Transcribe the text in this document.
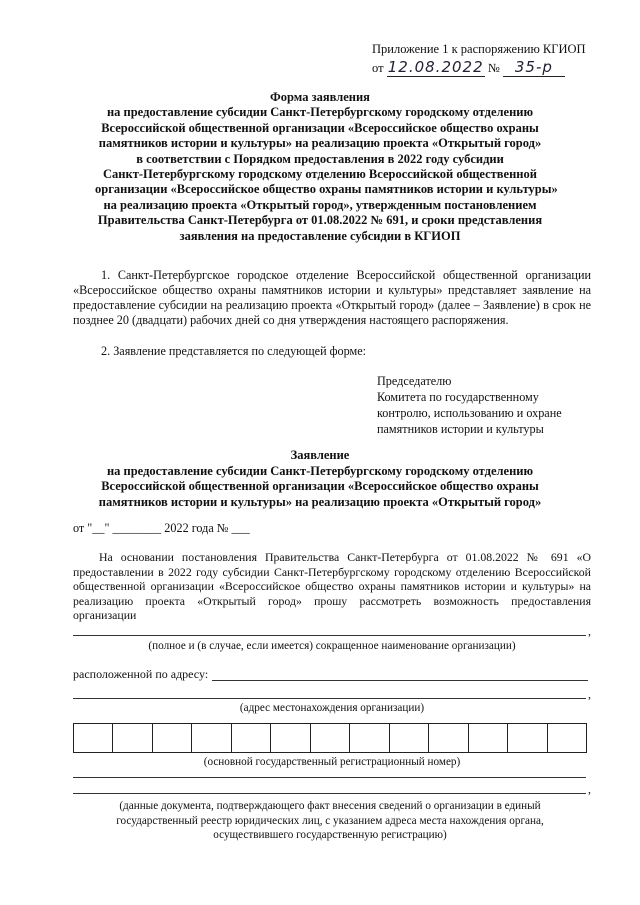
Приложение 1 к распоряжению КГИОП
от 12.08.2022 № 35-р
Форма заявления
на предоставление субсидии Санкт-Петербургскому городскому отделению
Всероссийской общественной организации «Всероссийское общество охраны
памятников истории и культуры» на реализацию проекта «Открытый город»
в соответствии с Порядком предоставления в 2022 году субсидии
Санкт-Петербургскому городскому отделению Всероссийской общественной
организации «Всероссийское общество охраны памятников истории и культуры»
на реализацию проекта «Открытый город», утвержденным постановлением
Правительства Санкт-Петербурга от 01.08.2022 № 691, и сроки представления
заявления на предоставление субсидии в КГИОП
1. Санкт-Петербургское городское отделение Всероссийской общественной организации «Всероссийское общество охраны памятников истории и культуры» представляет заявление на предоставление субсидии на реализацию проекта «Открытый город» (далее – Заявление) в срок не позднее 20 (двадцати) рабочих дней со дня утверждения настоящего распоряжения.
2. Заявление представляется по следующей форме:
Председателю
Комитета по государственному
контролю, использованию и охране
памятников истории и культуры
Заявление
на предоставление субсидии Санкт-Петербургскому городскому отделению
Всероссийской общественной организации «Всероссийское общество охраны
памятников истории и культуры» на реализацию проекта «Открытый город»
от "__" ________ 2022 года № ___
На основании постановления Правительства Санкт-Петербурга от 01.08.2022 № 691 «О предоставлении в 2022 году субсидии Санкт-Петербургскому городскому отделению Всероссийской общественной организации «Всероссийское общество охраны памятников истории и культуры» на реализацию проекта «Открытый город» прошу рассмотреть возможность предоставления организации
,
(полное и (в случае, если имеется) сокращенное наименование организации)
расположенной по адресу:
,
(адрес местонахождения организации)
(основной государственный регистрационный номер)
,
(данные документа, подтверждающего факт внесения сведений о организации в единый государственный реестр юридических лиц, с указанием адреса места нахождения органа, осуществившего государственную регистрацию)
